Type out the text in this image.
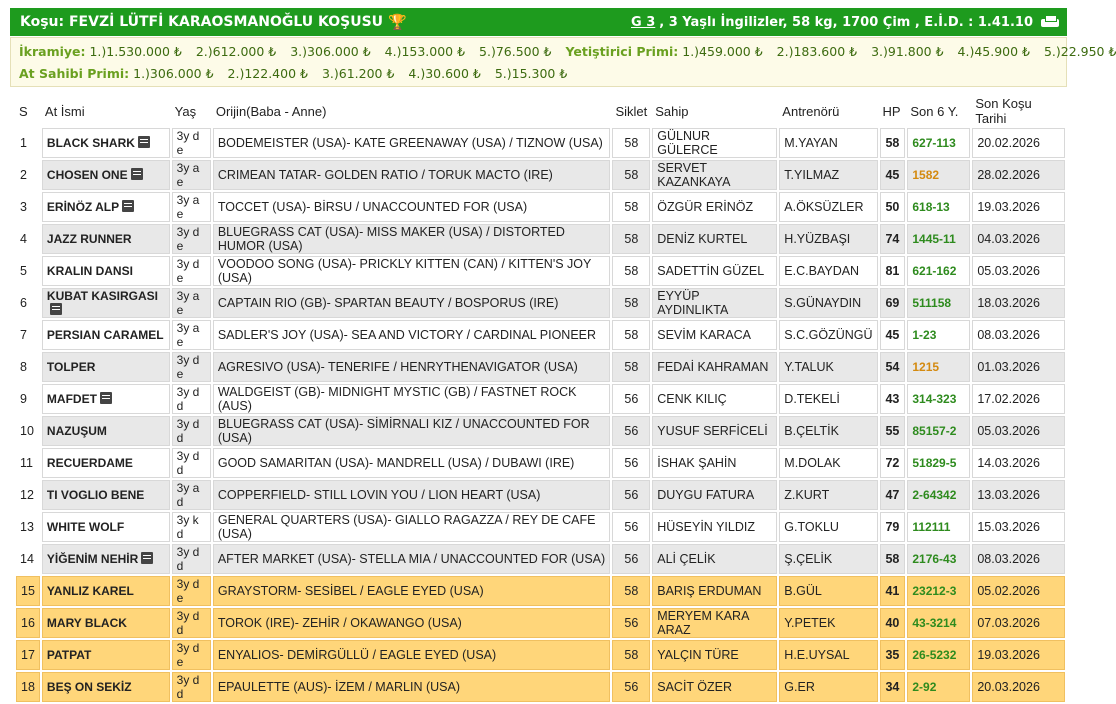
Koşu: FEVZİ LÜTFİ KARAOSMANOĞLU KOŞUSU 🏆	G 3 , 3 Yaşlı İngilizler, 58 kg, 1700 Çim , E.İ.D. : 1.41.10
İkramiye: 1.)1.530.000 ₺ 2.)612.000 ₺ 3.)306.000 ₺ 4.)153.000 ₺ 5.)76.500 ₺ Yetiştirici Primi: 1.)459.000 ₺ 2.)183.600 ₺ 3.)91.800 ₺ 4.)45.900 ₺ 5.)22.950 ₺
At Sahibi Primi: 1.)306.000 ₺ 2.)122.400 ₺ 3.)61.200 ₺ 4.)30.600 ₺ 5.)15.300 ₺
S	At İsmi	Yaş	Orijin(Baba - Anne)	Siklet	Sahip	Antrenörü	HP	Son 6 Y.	Son Koşu Tarihi
1	BLACK SHARK	3y d e	BODEMEISTER (USA)- KATE GREENAWAY (USA) / TIZNOW (USA)	58	GÜLNUR GÜLERCE	M.YAYAN	58	627-113	20.02.2026
2	CHOSEN ONE	3y a e	CRIMEAN TATAR- GOLDEN RATIO / TORUK MACTO (IRE)	58	SERVET KAZANKAYA	T.YILMAZ	45	1582	28.02.2026
3	ERİNÖZ ALP	3y a e	TOCCET (USA)- BİRSU / UNACCOUNTED FOR (USA)	58	ÖZGÜR ERİNÖZ	A.ÖKSÜZLER	50	618-13	19.03.2026
4	JAZZ RUNNER	3y d e	BLUEGRASS CAT (USA)- MISS MAKER (USA) / DISTORTED HUMOR (USA)	58	DENİZ KURTEL	H.YÜZBAŞI	74	1445-11	04.03.2026
5	KRALIN DANSI	3y d e	VOODOO SONG (USA)- PRICKLY KITTEN (CAN) / KITTEN'S JOY (USA)	58	SADETTİN GÜZEL	E.C.BAYDAN	81	621-162	05.03.2026
6	KUBAT KASIRGASI	3y a e	CAPTAIN RIO (GB)- SPARTAN BEAUTY / BOSPORUS (IRE)	58	EYYÜP AYDINLIKTA	S.GÜNAYDIN	69	511158	18.03.2026
7	PERSIAN CARAMEL	3y a e	SADLER'S JOY (USA)- SEA AND VICTORY / CARDINAL PIONEER	58	SEVİM KARACA	S.C.GÖZÜNGÜ	45	1-23	08.03.2026
8	TOLPER	3y d e	AGRESIVO (USA)- TENERIFE / HENRYTHENAVIGATOR (USA)	58	FEDAİ KAHRAMAN	Y.TALUK	54	1215	01.03.2026
9	MAFDET	3y d d	WALDGEIST (GB)- MIDNIGHT MYSTIC (GB) / FASTNET ROCK (AUS)	56	CENK KILIÇ	D.TEKELİ	43	314-323	17.02.2026
10	NAZUŞUM	3y d d	BLUEGRASS CAT (USA)- SİMİRNALI KIZ / UNACCOUNTED FOR (USA)	56	YUSUF SERFİCELİ	B.ÇELTİK	55	85157-2	05.03.2026
11	RECUERDAME	3y d d	GOOD SAMARITAN (USA)- MANDRELL (USA) / DUBAWI (IRE)	56	İSHAK ŞAHİN	M.DOLAK	72	51829-5	14.03.2026
12	TI VOGLIO BENE	3y a d	COPPERFIELD- STILL LOVIN YOU / LION HEART (USA)	56	DUYGU FATURA	Z.KURT	47	2-64342	13.03.2026
13	WHITE WOLF	3y k d	GENERAL QUARTERS (USA)- GIALLO RAGAZZA / REY DE CAFE (USA)	56	HÜSEYİN YILDIZ	G.TOKLU	79	112111	15.03.2026
14	YİĞENİM NEHİR	3y d d	AFTER MARKET (USA)- STELLA MIA / UNACCOUNTED FOR (USA)	56	ALİ ÇELİK	Ş.ÇELİK	58	2176-43	08.03.2026
15	YANLIZ KAREL	3y d e	GRAYSTORM- SESİBEL / EAGLE EYED (USA)	58	BARIŞ ERDUMAN	B.GÜL	41	23212-3	05.02.2026
16	MARY BLACK	3y d d	TOROK (IRE)- ZEHİR / OKAWANGO (USA)	56	MERYEM KARA ARAZ	Y.PETEK	40	43-3214	07.03.2026
17	PATPAT	3y d e	ENYALIOS- DEMİRGÜLLÜ / EAGLE EYED (USA)	58	YALÇIN TÜRE	H.E.UYSAL	35	26-5232	19.03.2026
18	BEŞ ON SEKİZ	3y d d	EPAULETTE (AUS)- İZEM / MARLIN (USA)	56	SACİT ÖZER	G.ER	34	2-92	20.03.2026
